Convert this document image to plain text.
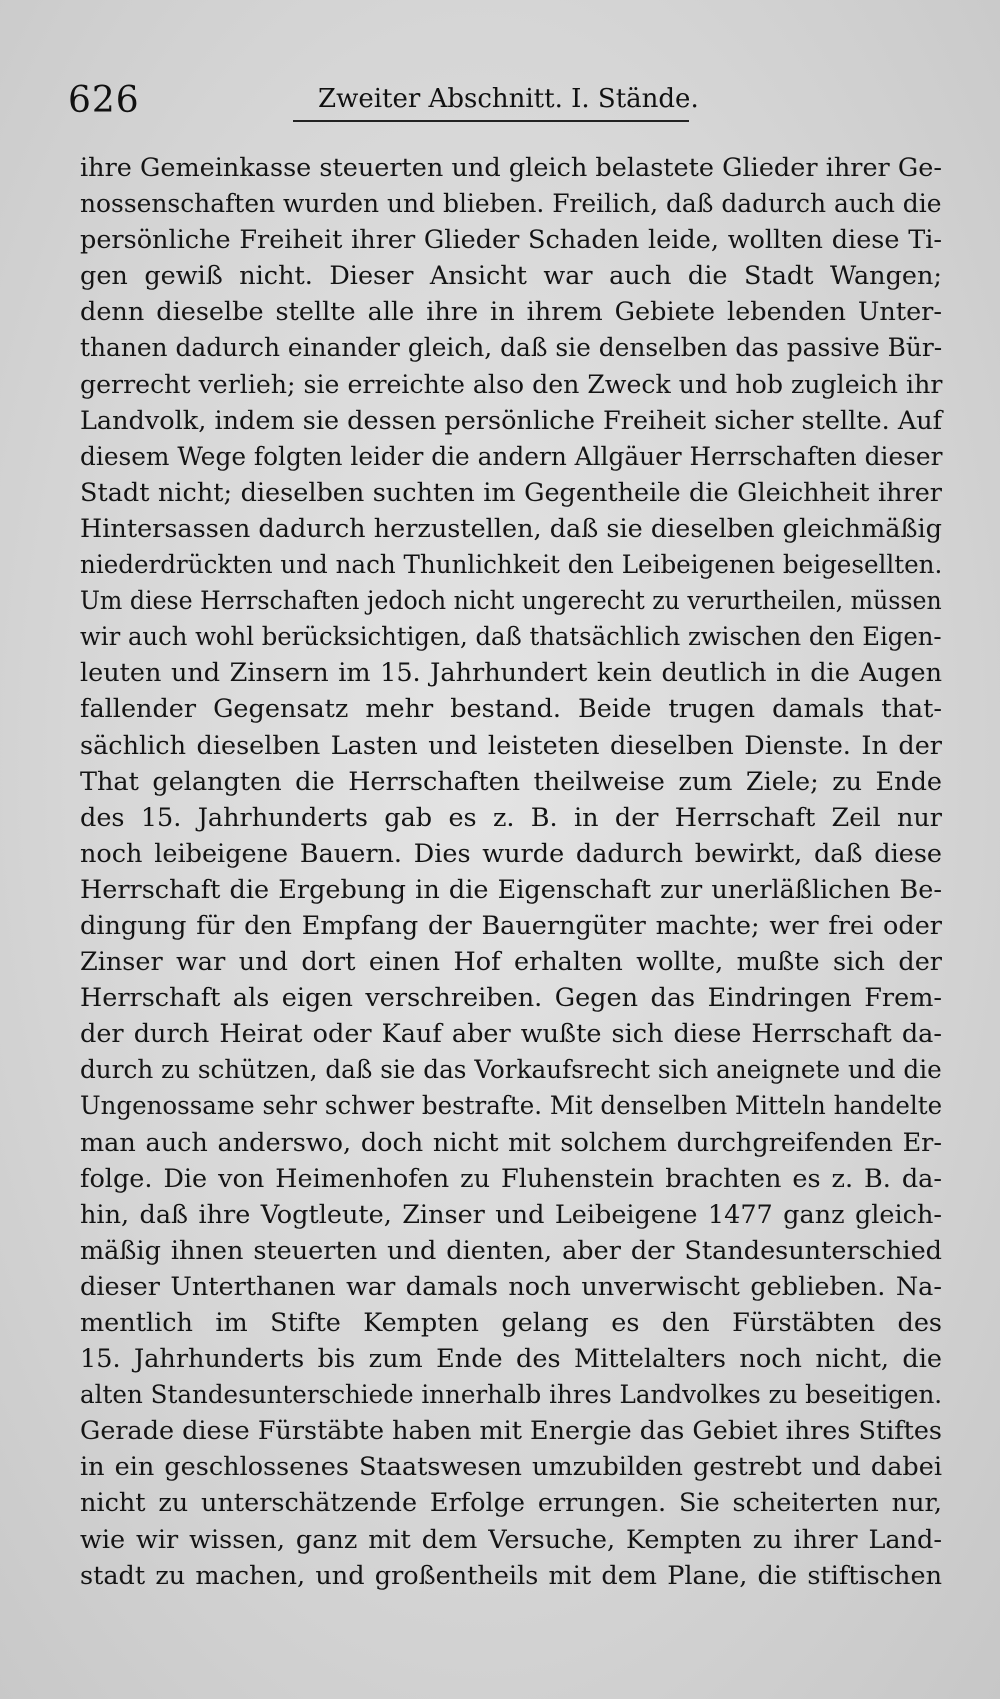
626	Zweiter Abschnitt. I. Stände.
ihre Gemeinkasse steuerten und gleich belastete Glieder ihrer Ge-
nossenschaften wurden und blieben. Freilich, daß dadurch auch die
persönliche Freiheit ihrer Glieder Schaden leide, wollten diese Ti-
gen gewiß nicht. Dieser Ansicht war auch die Stadt Wangen;
denn dieselbe stellte alle ihre in ihrem Gebiete lebenden Unter-
thanen dadurch einander gleich, daß sie denselben das passive Bür-
gerrecht verlieh; sie erreichte also den Zweck und hob zugleich ihr
Landvolk, indem sie dessen persönliche Freiheit sicher stellte. Auf
diesem Wege folgten leider die andern Allgäuer Herrschaften dieser
Stadt nicht; dieselben suchten im Gegentheile die Gleichheit ihrer
Hintersassen dadurch herzustellen, daß sie dieselben gleichmäßig
niederdrückten und nach Thunlichkeit den Leibeigenen beigesellten.
Um diese Herrschaften jedoch nicht ungerecht zu verurtheilen, müssen
wir auch wohl berücksichtigen, daß thatsächlich zwischen den Eigen-
leuten und Zinsern im 15. Jahrhundert kein deutlich in die Augen
fallender Gegensatz mehr bestand. Beide trugen damals that-
sächlich dieselben Lasten und leisteten dieselben Dienste. In der
That gelangten die Herrschaften theilweise zum Ziele; zu Ende
des 15. Jahrhunderts gab es z. B. in der Herrschaft Zeil nur
noch leibeigene Bauern. Dies wurde dadurch bewirkt, daß diese
Herrschaft die Ergebung in die Eigenschaft zur unerläßlichen Be-
dingung für den Empfang der Bauerngüter machte; wer frei oder
Zinser war und dort einen Hof erhalten wollte, mußte sich der
Herrschaft als eigen verschreiben. Gegen das Eindringen Frem-
der durch Heirat oder Kauf aber wußte sich diese Herrschaft da-
durch zu schützen, daß sie das Vorkaufsrecht sich aneignete und die
Ungenossame sehr schwer bestrafte. Mit denselben Mitteln handelte
man auch anderswo, doch nicht mit solchem durchgreifenden Er-
folge. Die von Heimenhofen zu Fluhenstein brachten es z. B. da-
hin, daß ihre Vogtleute, Zinser und Leibeigene 1477 ganz gleich-
mäßig ihnen steuerten und dienten, aber der Standesunterschied
dieser Unterthanen war damals noch unverwischt geblieben. Na-
mentlich im Stifte Kempten gelang es den Fürstäbten des
15. Jahrhunderts bis zum Ende des Mittelalters noch nicht, die
alten Standesunterschiede innerhalb ihres Landvolkes zu beseitigen.
Gerade diese Fürstäbte haben mit Energie das Gebiet ihres Stiftes
in ein geschlossenes Staatswesen umzubilden gestrebt und dabei
nicht zu unterschätzende Erfolge errungen. Sie scheiterten nur,
wie wir wissen, ganz mit dem Versuche, Kempten zu ihrer Land-
stadt zu machen, und großentheils mit dem Plane, die stiftischen
